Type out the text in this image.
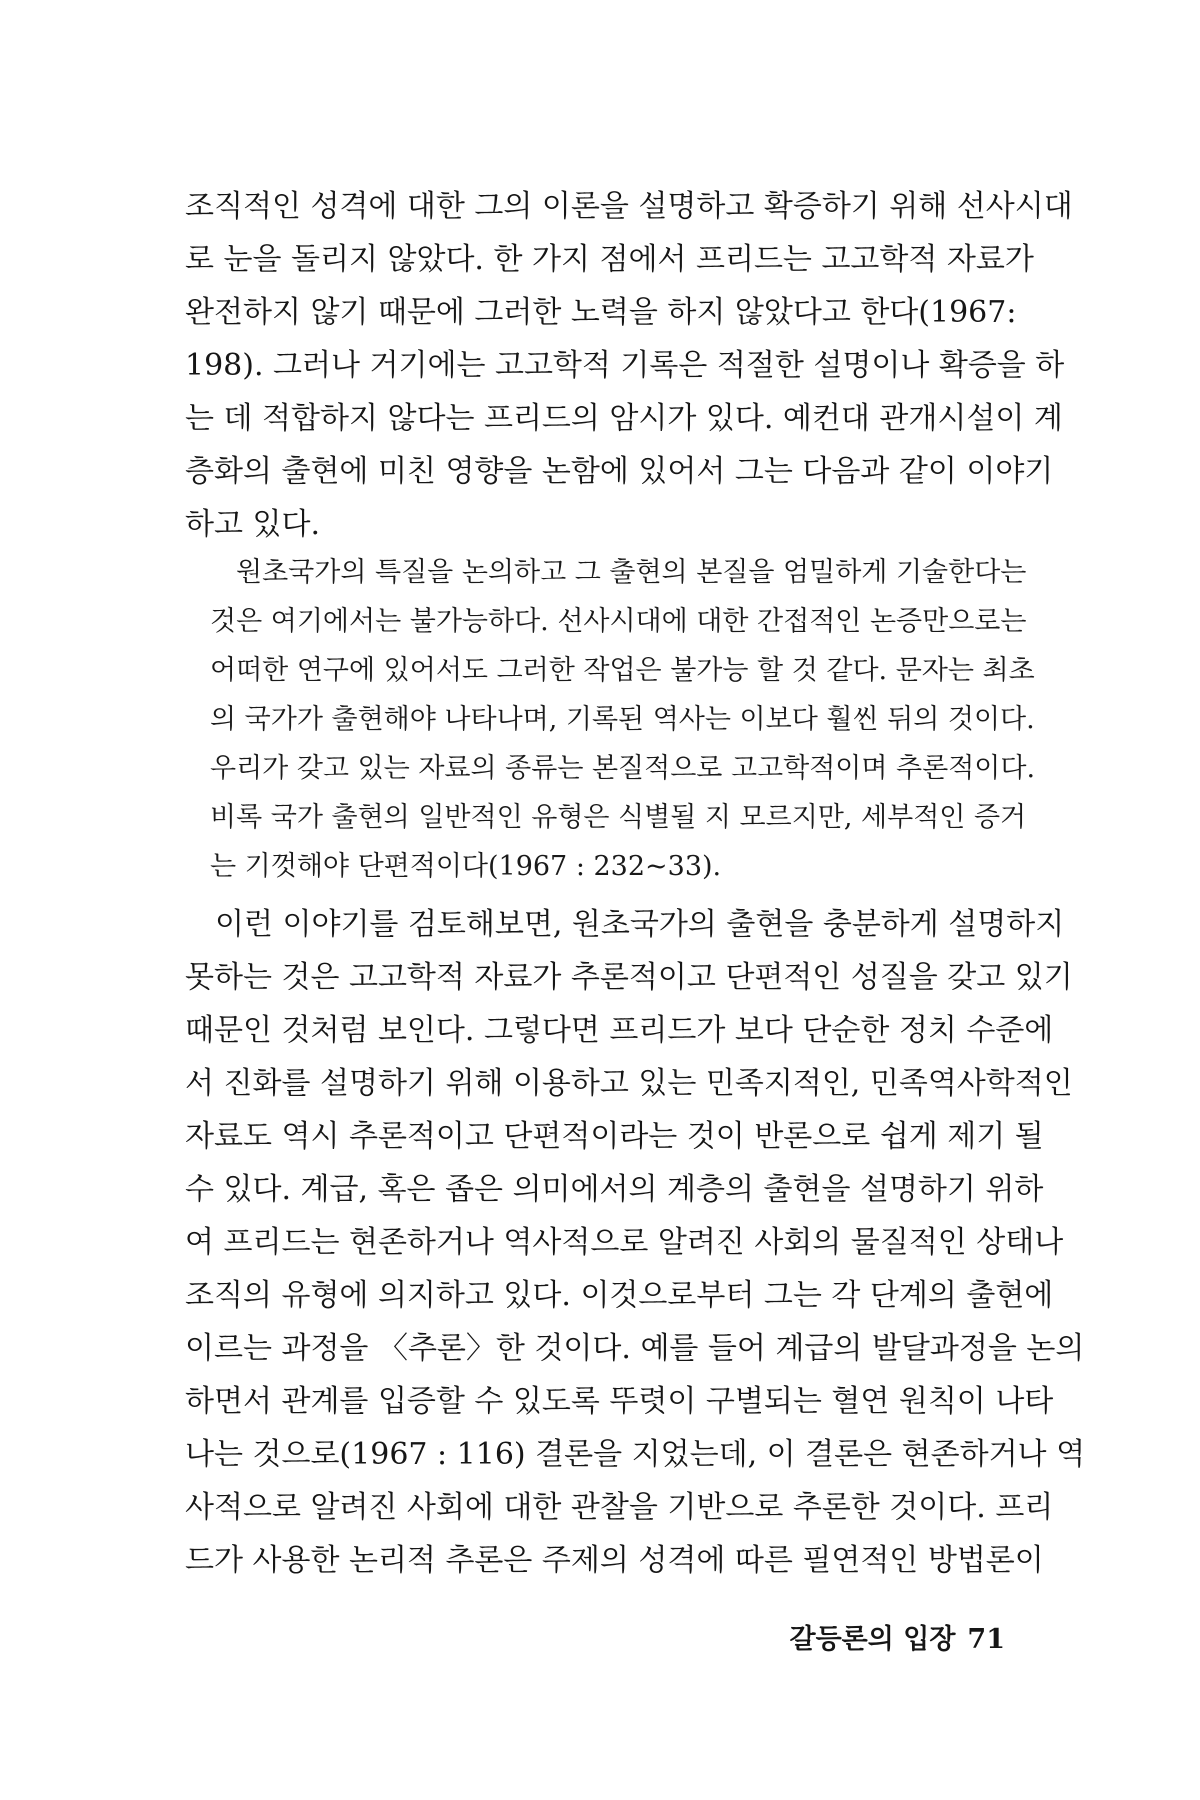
조직적인 성격에 대한 그의 이론을 설명하고 확증하기 위해 선사시대
로 눈을 돌리지 않았다. 한 가지 점에서 프리드는 고고학적 자료가
완전하지 않기 때문에 그러한 노력을 하지 않았다고 한다(1967:
198). 그러나 거기에는 고고학적 기록은 적절한 설명이나 확증을 하
는 데 적합하지 않다는 프리드의 암시가 있다. 예컨대 관개시설이 계
층화의 출현에 미친 영향을 논함에 있어서 그는 다음과 같이 이야기
하고 있다.
원초국가의 특질을 논의하고 그 출현의 본질을 엄밀하게 기술한다는
것은 여기에서는 불가능하다. 선사시대에 대한 간접적인 논증만으로는
어떠한 연구에 있어서도 그러한 작업은 불가능 할 것 같다. 문자는 최초
의 국가가 출현해야 나타나며, 기록된 역사는 이보다 훨씬 뒤의 것이다.
우리가 갖고 있는 자료의 종류는 본질적으로 고고학적이며 추론적이다.
비록 국가 출현의 일반적인 유형은 식별될 지 모르지만, 세부적인 증거
는 기껏해야 단편적이다(1967 : 232~33).
이런 이야기를 검토해보면, 원초국가의 출현을 충분하게 설명하지
못하는 것은 고고학적 자료가 추론적이고 단편적인 성질을 갖고 있기
때문인 것처럼 보인다. 그렇다면 프리드가 보다 단순한 정치 수준에
서 진화를 설명하기 위해 이용하고 있는 민족지적인, 민족역사학적인
자료도 역시 추론적이고 단편적이라는 것이 반론으로 쉽게 제기 될
수 있다. 계급, 혹은 좁은 의미에서의 계층의 출현을 설명하기 위하
여 프리드는 현존하거나 역사적으로 알려진 사회의 물질적인 상태나
조직의 유형에 의지하고 있다. 이것으로부터 그는 각 단계의 출현에
이르는 과정을 〈추론〉한 것이다. 예를 들어 계급의 발달과정을 논의
하면서 관계를 입증할 수 있도록 뚜렷이 구별되는 혈연 원칙이 나타
나는 것으로(1967 : 116) 결론을 지었는데, 이 결론은 현존하거나 역
사적으로 알려진 사회에 대한 관찰을 기반으로 추론한 것이다. 프리
드가 사용한 논리적 추론은 주제의 성격에 따른 필연적인 방법론이
갈등론의 입장 71
